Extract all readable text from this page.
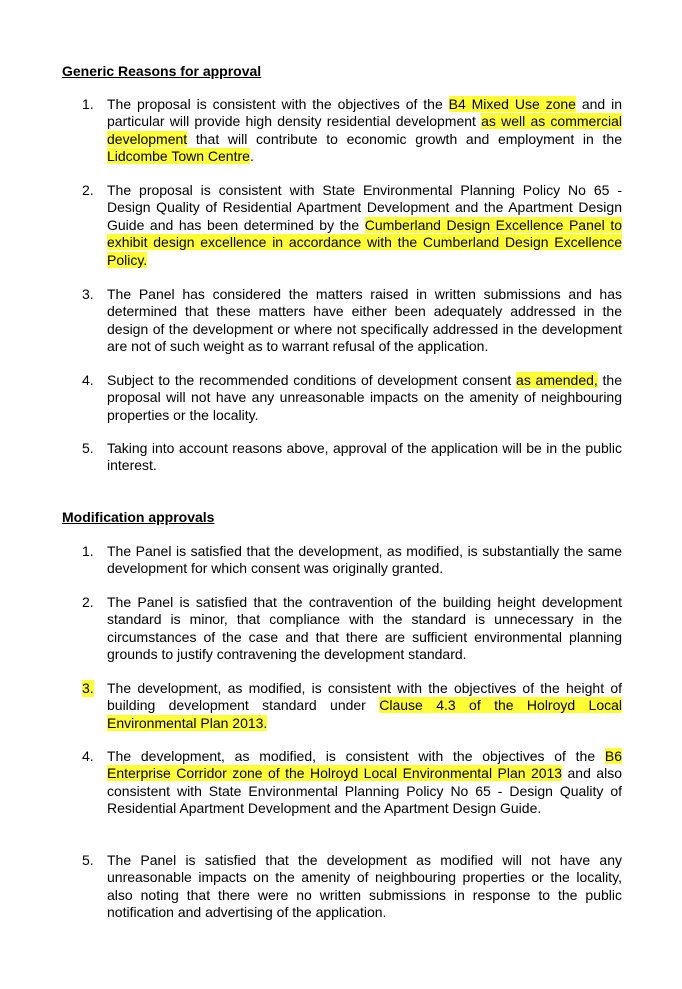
Generic Reasons for approval

1. The proposal is consistent with the objectives of the B4 Mixed Use zone and in particular will provide high density residential development as well as commercial development that will contribute to economic growth and employment in the Lidcombe Town Centre.
2. The proposal is consistent with State Environmental Planning Policy No 65 - Design Quality of Residential Apartment Development and the Apartment Design Guide and has been determined by the Cumberland Design Excellence Panel to exhibit design excellence in accordance with the Cumberland Design Excellence Policy.
3. The Panel has considered the matters raised in written submissions and has determined that these matters have either been adequately addressed in the design of the development or where not specifically addressed in the development are not of such weight as to warrant refusal of the application.
4. Subject to the recommended conditions of development consent as amended, the proposal will not have any unreasonable impacts on the amenity of neighbouring properties or the locality.
5. Taking into account reasons above, approval of the application will be in the public interest.

Modification approvals

1. The Panel is satisfied that the development, as modified, is substantially the same development for which consent was originally granted.
2. The Panel is satisfied that the contravention of the building height development standard is minor, that compliance with the standard is unnecessary in the circumstances of the case and that there are sufficient environmental planning grounds to justify contravening the development standard.
3. The development, as modified, is consistent with the objectives of the height of building development standard under Clause 4.3 of the Holroyd Local Environmental Plan 2013.
4. The development, as modified, is consistent with the objectives of the B6 Enterprise Corridor zone of the Holroyd Local Environmental Plan 2013 and also consistent with State Environmental Planning Policy No 65 - Design Quality of Residential Apartment Development and the Apartment Design Guide.
5. The Panel is satisfied that the development as modified will not have any unreasonable impacts on the amenity of neighbouring properties or the locality, also noting that there were no written submissions in response to the public notification and advertising of the application.
